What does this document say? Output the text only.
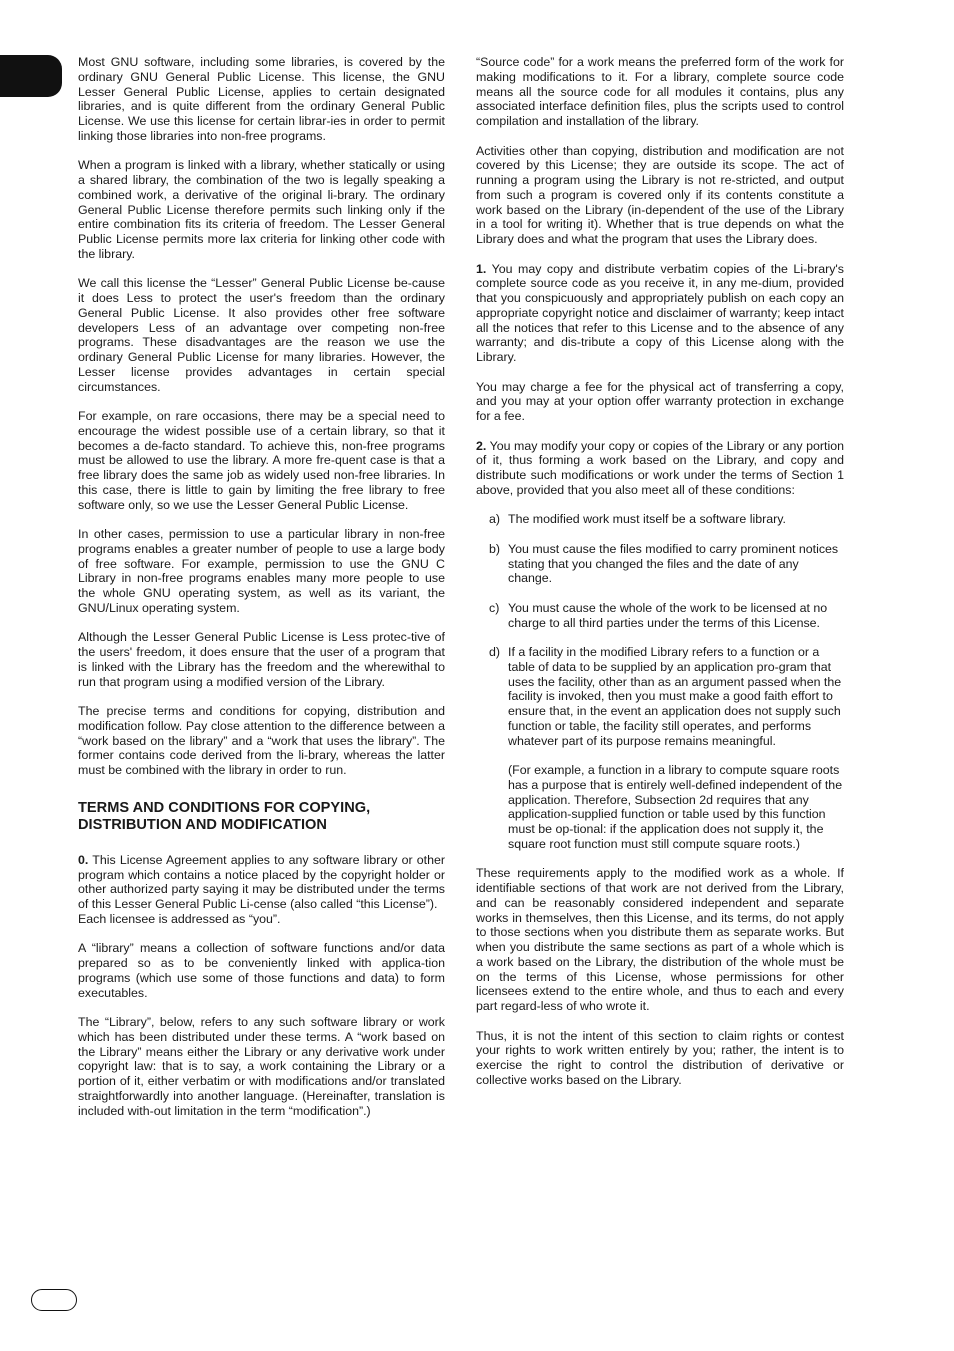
Most GNU software, including some libraries, is covered by the ordinary GNU General Public License. This license, the GNU Lesser General Public License, applies to certain designated libraries, and is quite different from the ordinary General Public License. We use this license for certain librar-ies in order to permit linking those libraries into non-free programs.

When a program is linked with a library, whether statically or using a shared library, the combination of the two is legally speaking a combined work, a derivative of the original li-brary. The ordinary General Public License therefore permits such linking only if the entire combination fits its criteria of freedom. The Lesser General Public License permits more lax criteria for linking other code with the library.

We call this license the “Lesser” General Public License be-cause it does Less to protect the user's freedom than the ordinary General Public License. It also provides other free software developers Less of an advantage over competing non-free programs. These disadvantages are the reason we use the ordinary General Public License for many libraries. However, the Lesser license provides advantages in certain special circumstances.

For example, on rare occasions, there may be a special need to encourage the widest possible use of a certain library, so that it becomes a de-facto standard. To achieve this, non-free programs must be allowed to use the library. A more fre-quent case is that a free library does the same job as widely used non-free libraries. In this case, there is little to gain by limiting the free library to free software only, so we use the Lesser General Public License.

In other cases, permission to use a particular library in non-free programs enables a greater number of people to use a large body of free software. For example, permission to use the GNU C Library in non-free programs enables many more people to use the whole GNU operating system, as well as its variant, the GNU/Linux operating system.

Although the Lesser General Public License is Less protec-tive of the users' freedom, it does ensure that the user of a program that is linked with the Library has the freedom and the wherewithal to run that program using a modified version of the Library.

The precise terms and conditions for copying, distribution and modification follow. Pay close attention to the difference between a “work based on the library” and a “work that uses the library”. The former contains code derived from the li-brary, whereas the latter must be combined with the library in order to run.

TERMS AND CONDITIONS FOR COPYING,
DISTRIBUTION AND MODIFICATION

0. This License Agreement applies to any software library or other program which contains a notice placed by the copyright holder or other authorized party saying it may be distributed under the terms of this Lesser General Public Li-cense (also called “this License”).

Each licensee is addressed as “you”.

A “library” means a collection of software functions and/or data prepared so as to be conveniently linked with applica-tion programs (which use some of those functions and data) to form executables.

The “Library”, below, refers to any such software library or work which has been distributed under these terms. A “work based on the Library” means either the Library or any derivative work under copyright law: that is to say, a work containing the Library or a portion of it, either verbatim or with modifications and/or translated straightforwardly into another language. (Hereinafter, translation is included with-out limitation in the term “modification”.)

“Source code” for a work means the preferred form of the work for making modifications to it. For a library, complete source code means all the source code for all modules it contains, plus any associated interface definition files, plus the scripts used to control compilation and installation of the library.

Activities other than copying, distribution and modification are not covered by this License; they are outside its scope. The act of running a program using the Library is not re-stricted, and output from such a program is covered only if its contents constitute a work based on the Library (in-dependent of the use of the Library in a tool for writing it). Whether that is true depends on what the Library does and what the program that uses the Library does.

1. You may copy and distribute verbatim copies of the Li-brary's complete source code as you receive it, in any me-dium, provided that you conspicuously and appropriately publish on each copy an appropriate copyright notice and disclaimer of warranty; keep intact all the notices that refer to this License and to the absence of any warranty; and dis-tribute a copy of this License along with the Library.

You may charge a fee for the physical act of transferring a copy, and you may at your option offer warranty protection in exchange for a fee.

2. You may modify your copy or copies of the Library or any portion of it, thus forming a work based on the Library, and copy and distribute such modifications or work under the terms of Section 1 above, provided that you also meet all of these conditions:

a) The modified work must itself be a software library.

b) You must cause the files modified to carry prominent notices stating that you changed the files and the date of any change.

c) You must cause the whole of the work to be licensed at no charge to all third parties under the terms of this License.

d) If a facility in the modified Library refers to a function or a table of data to be supplied by an application pro-gram that uses the facility, other than as an argument passed when the facility is invoked, then you must make a good faith effort to ensure that, in the event an application does not supply such function or table, the facility still operates, and performs whatever part of its purpose remains meaningful.

(For example, a function in a library to compute square roots has a purpose that is entirely well-defined independent of the application. Therefore, Subsection 2d requires that any application-supplied function or table used by this function must be op-tional: if the application does not supply it, the square root function must still compute square roots.)

These requirements apply to the modified work as a whole. If identifiable sections of that work are not derived from the Library, and can be reasonably considered independent and separate works in themselves, then this License, and its terms, do not apply to those sections when you distribute them as separate works. But when you distribute the same sections as part of a whole which is a work based on the Library, the distribution of the whole must be on the terms of this License, whose permissions for other licensees extend to the entire whole, and thus to each and every part regard-less of who wrote it.

Thus, it is not the intent of this section to claim rights or contest your rights to work written entirely by you; rather, the intent is to exercise the right to control the distribution of derivative or collective works based on the Library.
